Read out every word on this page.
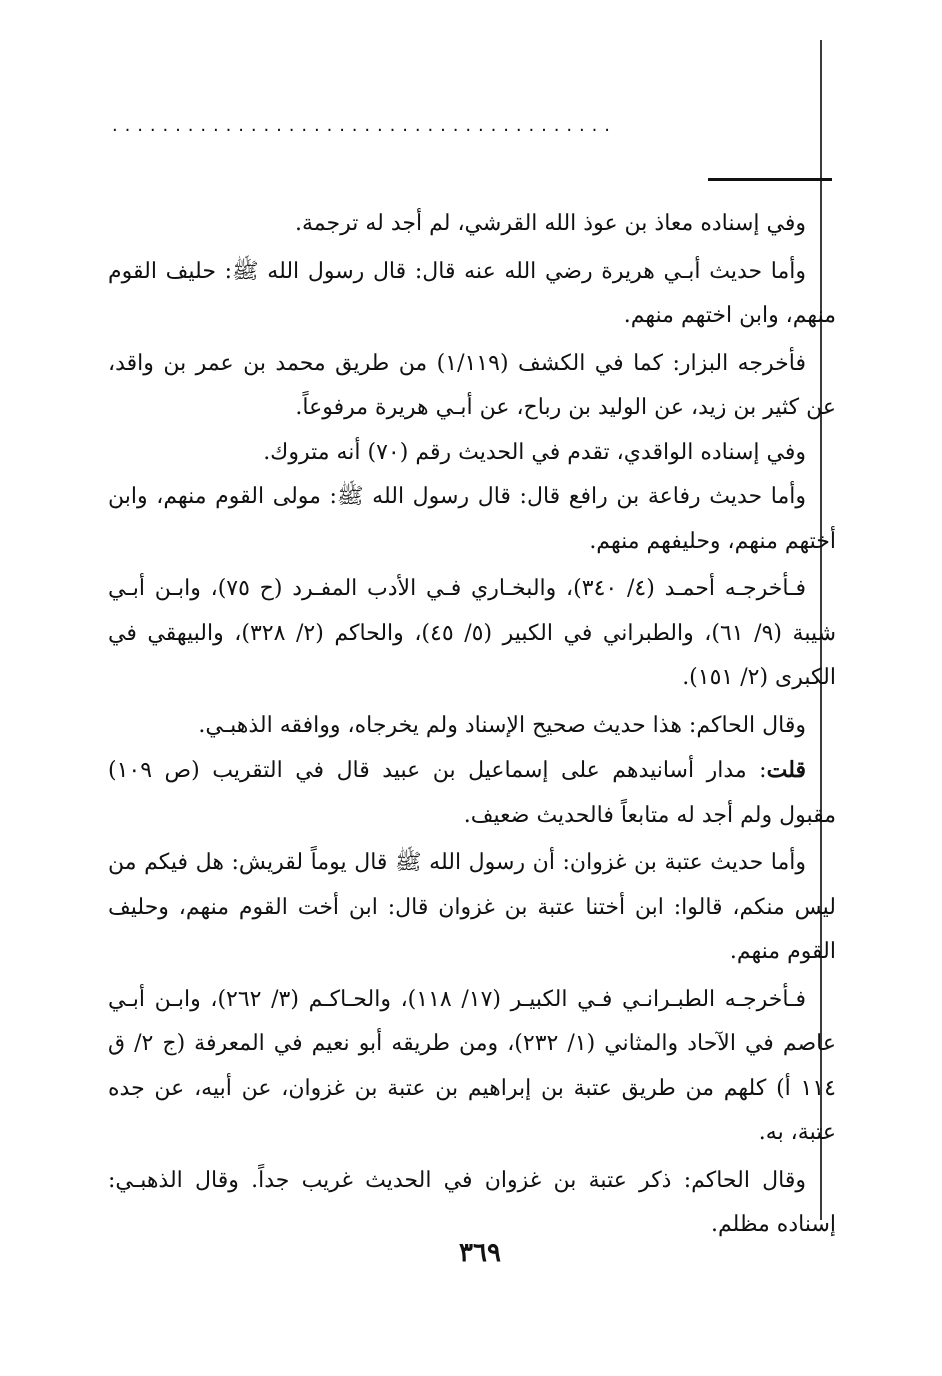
........................................

وفي إسناده معاذ بن عوذ الله القرشي، لم أجد له ترجمة.

وأما حديث أبـي هريرة رضي الله عنه قال: قال رسول الله ﷺ: حليف القوم منهم، وابن اختهم منهم.

فأخرجه البزار: كما في الكشف (١/١١٩) من طريق محمد بن عمر بن واقد، عن كثير بن زيد، عن الوليد بن رباح، عن أبـي هريرة مرفوعاً.

وفي إسناده الواقدي، تقدم في الحديث رقم (٧٠) أنه متروك.

وأما حديث رفاعة بن رافع قال: قال رسول الله ﷺ: مولى القوم منهم، وابن أختهم منهم، وحليفهم منهم.

فـأخرجـه أحمـد (٤/ ٣٤٠)، والبخـاري فـي الأدب المفـرد (ح ٧٥)، وابـن أبـي شيبة (٩/ ٦١)، والطبراني في الكبير (٥/ ٤٥)، والحاكم (٢/ ٣٢٨)، والبيهقي في الكبرى (٢/ ١٥١).

وقال الحاكم: هذا حديث صحيح الإسناد ولم يخرجاه، ووافقه الذهبـي.

قلت: مدار أسانيدهم على إسماعيل بن عبيد قال في التقريب (ص ١٠٩) مقبول ولم أجد له متابعاً فالحديث ضعيف.

وأما حديث عتبة بن غزوان: أن رسول الله ﷺ قال يوماً لقريش: هل فيكم من ليس منكم، قالوا: ابن أختنا عتبة بن غزوان قال: ابن أخت القوم منهم، وحليف القوم منهم.

فـأخرجـه الطبـرانـي فـي الكبيـر (١٧/ ١١٨)، والحـاكـم (٣/ ٢٦٢)، وابـن أبـي عاصم في الآحاد والمثاني (١/ ٢٣٢)، ومن طريقه أبو نعيم في المعرفة (ج ٢/ ق ١١٤ أ) كلهم من طريق عتبة بن إبراهيم بن عتبة بن غزوان، عن أبيه، عن جده عتبة، به.

وقال الحاكم: ذكر عتبة بن غزوان في الحديث غريب جداً. وقال الذهبـي: إسناده مظلم.

٣٦٩
